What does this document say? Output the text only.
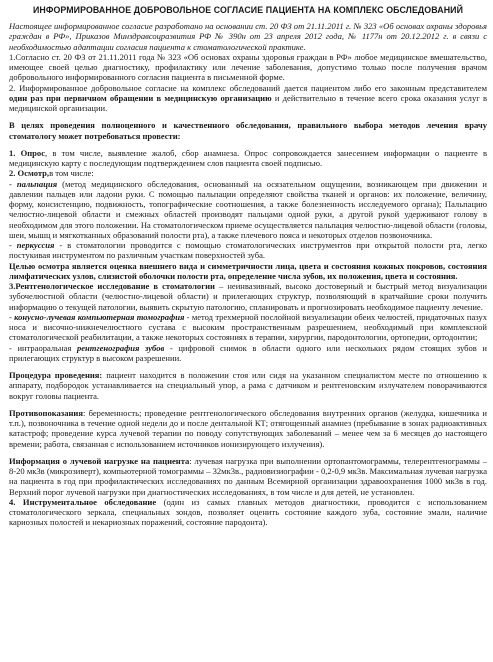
ИНФОРМИРОВАННОЕ ДОБРОВОЛЬНОЕ СОГЛАСИЕ ПАЦИЕНТА НА КОМПЛЕКС ОБСЛЕДОВАНИЙ

Настоящее информированное согласие разработано на основании ст. 20 ФЗ от 21.11.2011 г. № 323 «Об основах охраны здоровья граждан в РФ», Приказов Минздравсоцразвития РФ № 390н от 23 апреля 2012 года, № 1177н от 20.12.2012 г. в связи с необходимостью адаптации согласия пациента к стоматологической практике.

1.Согласно ст. 20 ФЗ от 21.11.2011 года № 323 «Об основах охраны здоровья граждан в РФ» любое медицинское вмешательство, имеющее своей целью диагностику, профилактику или лечение заболевания, допустимо только после получения врачом добровольного информированного согласия пациента в письменной форме.

2. Информированное добровольное согласие на комплекс обследований дается пациентом либо его законным представителем один раз при первичном обращении в медицинскую организацию и действительно в течение всего срока оказания услуг в медицинской организации.

В целях проведения полноценного и качественного обследования, правильного выбора методов лечения врачу стоматологу может потребоваться провести:

1. Опрос, в том числе, выявление жалоб, сбор анамнеза. Опрос сопровождается занесением информации о пациенте в медицинскую карту с последующим подтверждением слов пациента своей подписью.

2. Осмотр,в том числе:

- пальпация (метод медицинского обследования, основанный на осязательном ощущении, возникающем при движении и давлении пальцев или ладони руки. С помощью пальпации определяют свойства тканей и органов: их положение, величину, форму, консистенцию, подвижность, топографические соотношения, а также болезненность исследуемого органа); Пальпацию челюстно-лицевой области и смежных областей производят пальцами одной руки, а другой рукой удерживают голову в необходимом для этого положении. На стоматологическом приеме осуществляется пальпация челюстно-лицевой области (головы, шеи, мышц и мягкотканных образований полости рта), а также плечевого пояса и некоторых отделов позвоночника.

- перкуссия - в стоматологии проводится с помощью стоматологических инструментов при открытой полости рта, легко постукивая инструментом по различным участкам поверхностей зуба.

Целью осмотра является оценка внешнего вида и симметричности лица, цвета и состояния кожных покровов, состояния лимфатических узлов, слизистой оболочки полости рта, определение числа зубов, их положения, цвета и состояния.

3.Рентгенологическое исследование в стоматологии – неинвазивный, высоко достоверный и быстрый метод визуализации зубочелюстной области (челюстно-лицевой области) и прилегающих структур, позволяющий в кратчайшие сроки получить информацию о текущей патологии, выявить скрытую патологию, спланировать и прогнозировать необходимое пациенту лечение.

- конусно-лучевая компьютерная томография - метод трехмерной послойной визуализации обеих челюстей, придаточных пазух носа и височно-нижнечелюстного сустава с высоким пространственным разрешением, необходимый при комплексной стоматологической реабилитации, а также некоторых состояниях в терапии, хирургии, пародонтологии, ортопедии, ортодонтии;

- интраоральная рентгенография зубов - цифровой снимок в области одного или нескольких рядом стоящих зубов и прилегающих структур в высоком разрешении.

Процедура проведения: пациент находится в положении стоя или сидя на указанном специалистом месте по отношению к аппарату, подбородок устанавливается на специальный упор, а рама с датчиком и рентгеновским излучателем поворачиваются вокруг головы пациента.

Противопоказания: беременность; проведение рентгенологического обследования внутренних органов (желудка, кишечника и т.п.), позвоночника в течение одной недели до и после дентальной КТ; отягощенный анамнез (пребывание в зонах радиоактивных катастроф; проведение курса лучевой терапии по поводу сопутствующих заболеваний – менее чем за 6 месяцев до настоящего времени; работа, связанная с использованием источников ионизирующего излучения).

Информация о лучевой нагрузке на пациента: лучевая нагрузка при выполнении ортопантомограммы, телерентгенограммы – 8-20 мк3в (микрозиверт), компьютерной томограммы – 32мк3в., радиовизиографии - 0,2-0,9 мк3в. Максимальная лучевая нагрузка на пациента в год при профилактических исследованиях по данным Всемирной организации здравоохранения 1000 мк3в в год. Верхний порог лучевой нагрузки при диагностических исследованиях, в том числе и для детей, не установлен.

4. Инструментальное обследование (один из самых главных методов диагностики, проводится с использованием стоматологического зеркала, специальных зондов, позволяет оценить состояние каждого зуба, состояние эмали, наличие кариозных полостей и некариозных поражений, состояние пародонта).
